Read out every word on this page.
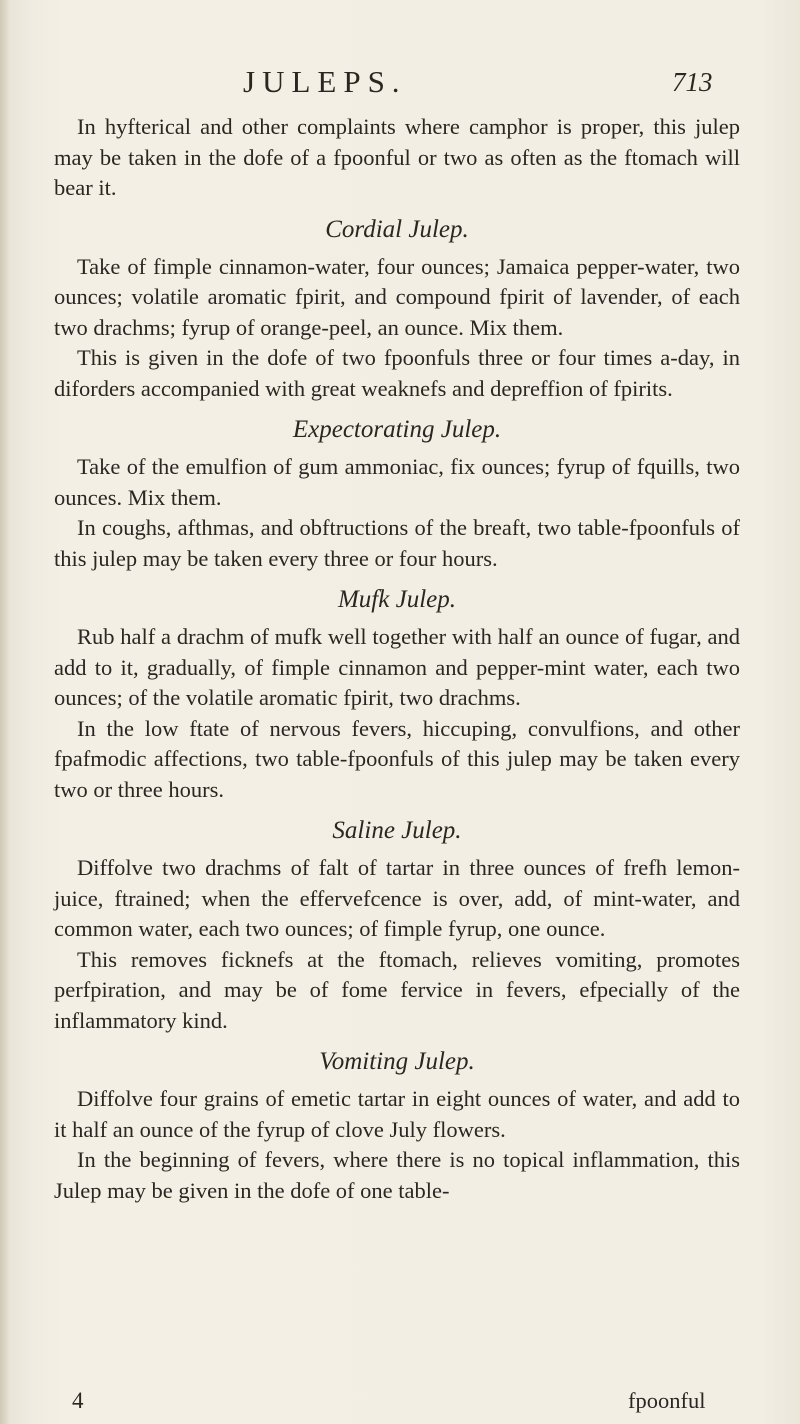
JULEPS.	713

In hyfterical and other complaints where camphor is proper, this julep may be taken in the dofe of a fpoonful or two as often as the ftomach will bear it.

Cordial Julep.

Take of fimple cinnamon-water, four ounces; Jamaica pepper-water, two ounces; volatile aromatic fpirit, and compound fpirit of lavender, of each two drachms; fyrup of orange-peel, an ounce. Mix them.

This is given in the dofe of two fpoonfuls three or four times a-day, in diforders accompanied with great weaknefs and depreffion of fpirits.

Expectorating Julep.

Take of the emulfion of gum ammoniac, fix ounces; fyrup of fquills, two ounces. Mix them.

In coughs, afthmas, and obftructions of the breaft, two table-fpoonfuls of this julep may be taken every three or four hours.

Mufk Julep.

Rub half a drachm of mufk well together with half an ounce of fugar, and add to it, gradually, of fimple cinnamon and pepper-mint water, each two ounces; of the volatile aromatic fpirit, two drachms.

In the low ftate of nervous fevers, hiccuping, convulfions, and other fpafmodic affections, two table-fpoonfuls of this julep may be taken every two or three hours.

Saline Julep.

Diffolve two drachms of falt of tartar in three ounces of frefh lemon-juice, ftrained; when the effervefcence is over, add, of mint-water, and common water, each two ounces; of fimple fyrup, one ounce.

This removes ficknefs at the ftomach, relieves vomiting, promotes perfpiration, and may be of fome fervice in fevers, efpecially of the inflammatory kind.

Vomiting Julep.

Diffolve four grains of emetic tartar in eight ounces of water, and add to it half an ounce of the fyrup of clove July flowers.

In the beginning of fevers, where there is no topical inflammation, this Julep may be given in the dofe of one table-

4	fpoonful
